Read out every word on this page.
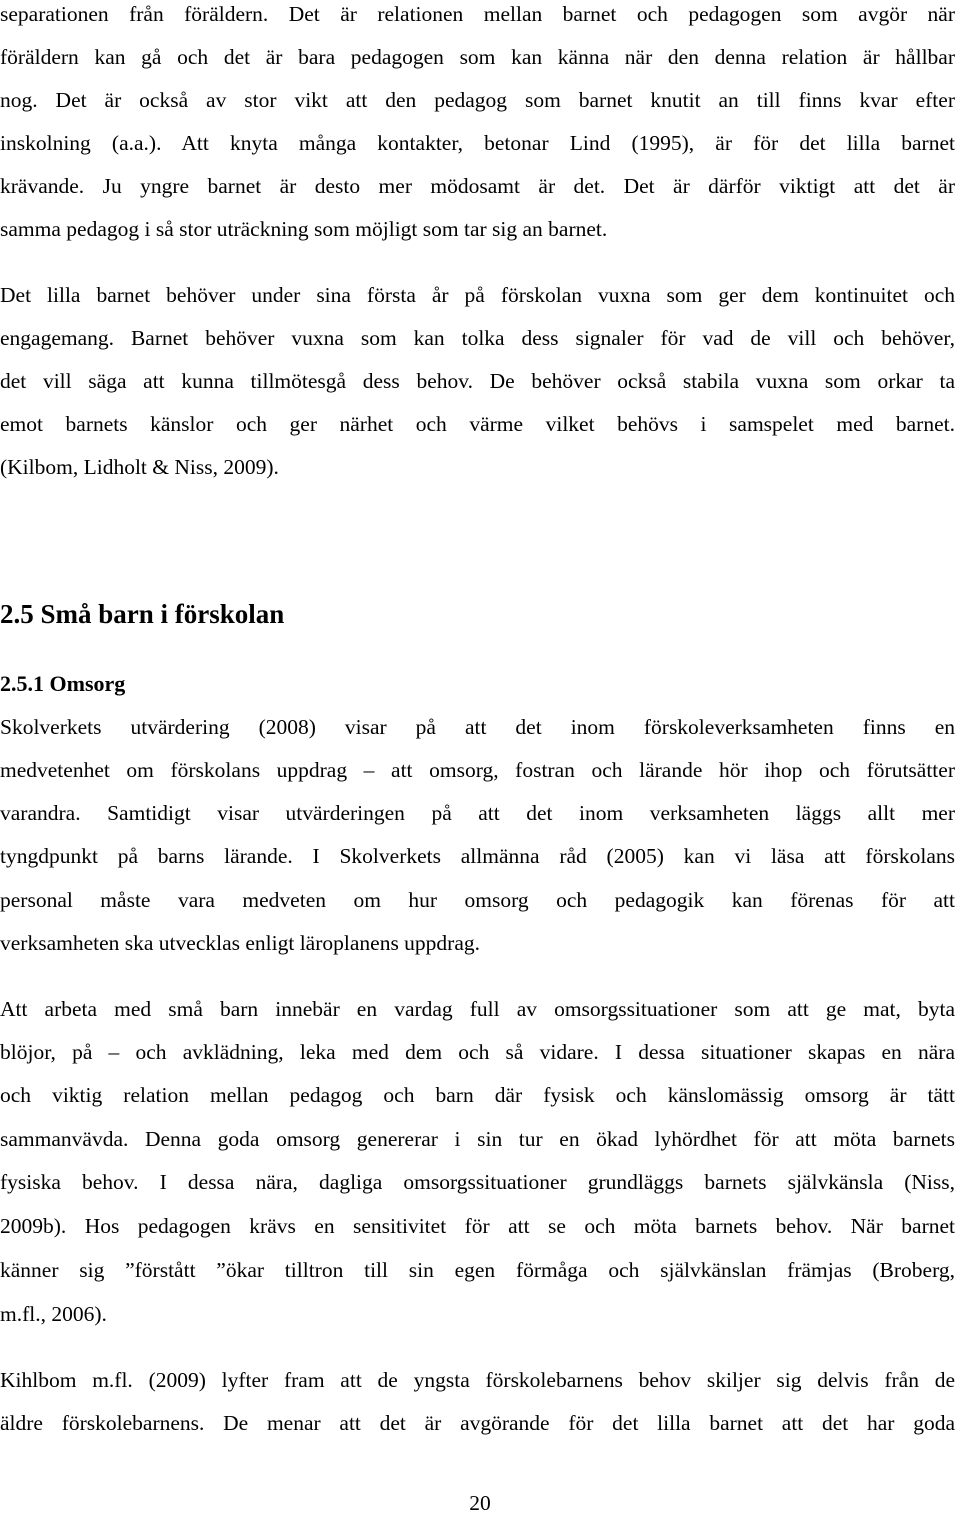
separationen från föräldern. Det är relationen mellan barnet och pedagogen som avgör när
föräldern kan gå och det är bara pedagogen som kan känna när den denna relation är hållbar
nog. Det är också av stor vikt att den pedagog som barnet knutit an till finns kvar efter
inskolning (a.a.). Att knyta många kontakter, betonar Lind (1995), är för det lilla barnet
krävande. Ju yngre barnet är desto mer mödosamt är det. Det är därför viktigt att det är
samma pedagog i så stor uträckning som möjligt som tar sig an barnet.
Det lilla barnet behöver under sina första år på förskolan vuxna som ger dem kontinuitet och
engagemang. Barnet behöver vuxna som kan tolka dess signaler för vad de vill och behöver,
det vill säga att kunna tillmötesgå dess behov. De behöver också stabila vuxna som orkar ta
emot barnets känslor och ger närhet och värme vilket behövs i samspelet med barnet.
(Kilbom, Lidholt & Niss, 2009).
2.5 Små barn i förskolan
2.5.1 Omsorg
Skolverkets utvärdering (2008) visar på att det inom förskoleverksamheten finns en
medvetenhet om förskolans uppdrag – att omsorg, fostran och lärande hör ihop och förutsätter
varandra. Samtidigt visar utvärderingen på att det inom verksamheten läggs allt mer
tyngdpunkt på barns lärande. I Skolverkets allmänna råd (2005) kan vi läsa att förskolans
personal måste vara medveten om hur omsorg och pedagogik kan förenas för att
verksamheten ska utvecklas enligt läroplanens uppdrag.
Att arbeta med små barn innebär en vardag full av omsorgssituationer som att ge mat, byta
blöjor, på – och avklädning, leka med dem och så vidare. I dessa situationer skapas en nära
och viktig relation mellan pedagog och barn där fysisk och känslomässig omsorg är tätt
sammanvävda. Denna goda omsorg genererar i sin tur en ökad lyhördhet för att möta barnets
fysiska behov. I dessa nära, dagliga omsorgssituationer grundläggs barnets självkänsla (Niss,
2009b). Hos pedagogen krävs en sensitivitet för att se och möta barnets behov. När barnet
känner sig ”förstått ”ökar tilltron till sin egen förmåga och självkänslan främjas (Broberg,
m.fl., 2006).
Kihlbom m.fl. (2009) lyfter fram att de yngsta förskolebarnens behov skiljer sig delvis från de
äldre förskolebarnens. De menar att det är avgörande för det lilla barnet att det har goda
20
